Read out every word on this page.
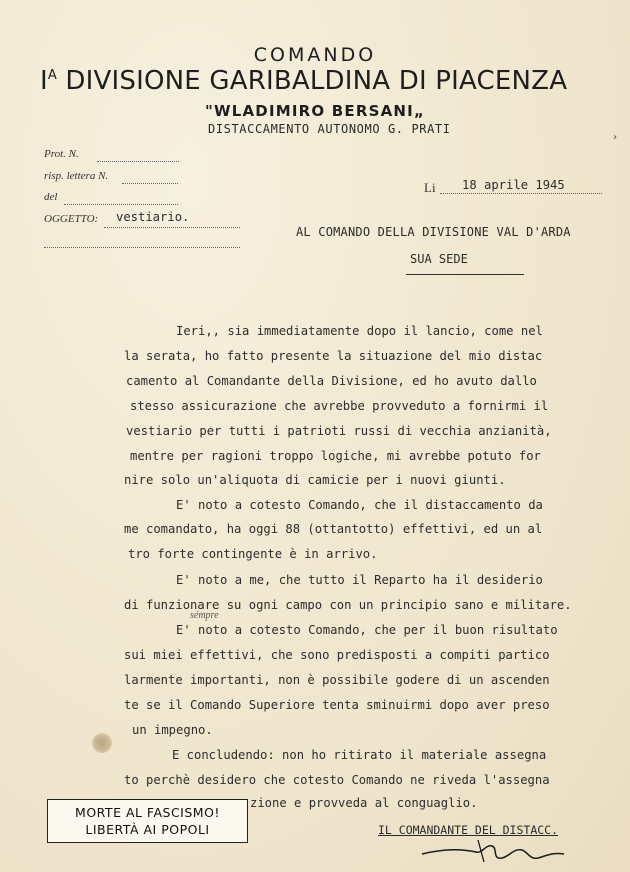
COMANDO
$I^A$ DIVISIONE GARIBALDINA DI PIACENZA
"WLADIMIRO BERSANI„
DISTACCAMENTO AUTONOMO G. PRATI
›
Prot. N.
risp. lettera N.
del
OGGETTO: vestiario.
Li 18 aprile 1945
AL COMANDO DELLA DIVISIONE VAL D'ARDA
SUA SEDE
Ieri,, sia immediatamente dopo il lancio, come nel
la serata, ho fatto presente la situazione del mio distac
camento al Comandante della Divisione, ed ho avuto dallo
stesso assicurazione che avrebbe provveduto a fornirmi il
vestiario per tutti i patrioti russi di vecchia anzianità,
mentre per ragioni troppo logiche, mi avrebbe potuto for
nire solo un'aliquota di camicie per i nuovi giunti.
E' noto a cotesto Comando, che il distaccamento da
me comandato, ha oggi 88 (ottantotto) effettivi, ed un al
tro forte contingente è in arrivo.
E' noto a me, che tutto il Reparto ha il desiderio
di funzionare su ogni campo con un principio sano e militare.
sémpre
E' noto a cotesto Comando, che per il buon risultato
sui miei effettivi, che sono predisposti a compiti partico
larmente importanti, non è possibile godere di un ascenden
te se il Comando Superiore tenta sminuirmi dopo aver preso
un impegno.
E concludendo: non ho ritirato il materiale assegna
to perchè desidero che cotesto Comando ne riveda l'assegna
zione e provveda al conguaglio.
MORTE AL FASCISMO!
LIBERTÀ AI POPOLI	IL COMANDANTE DEL DISTACC.
